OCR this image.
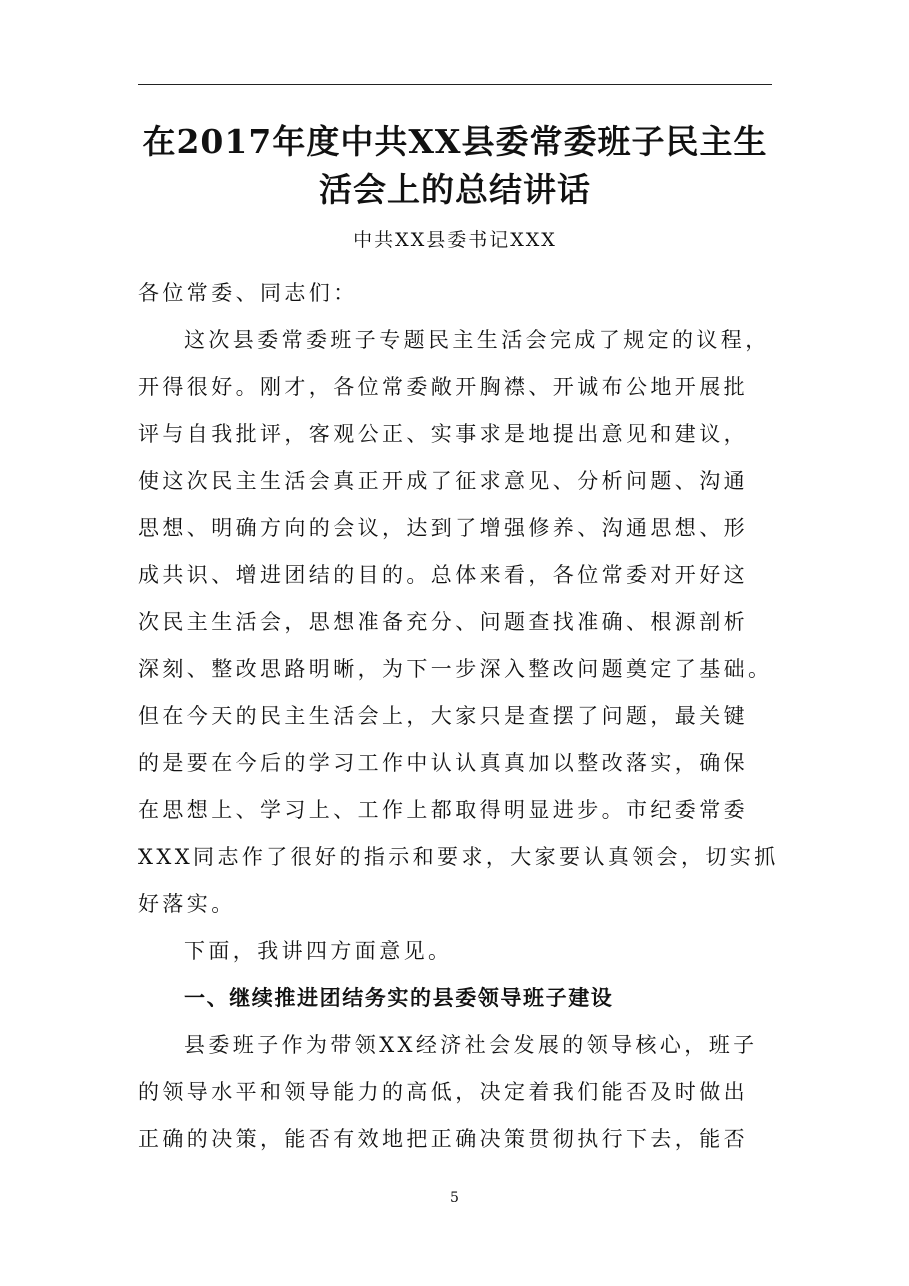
在2017年度中共XX县委常委班子民主生
活会上的总结讲话
中共XX县委书记XXX
各位常委、同志们：
这次县委常委班子专题民主生活会完成了规定的议程，
开得很好。刚才，各位常委敞开胸襟、开诚布公地开展批
评与自我批评，客观公正、实事求是地提出意见和建议，
使这次民主生活会真正开成了征求意见、分析问题、沟通
思想、明确方向的会议，达到了增强修养、沟通思想、形
成共识、增进团结的目的。总体来看，各位常委对开好这
次民主生活会，思想准备充分、问题查找准确、根源剖析
深刻、整改思路明晰，为下一步深入整改问题奠定了基础。
但在今天的民主生活会上，大家只是查摆了问题，最关键
的是要在今后的学习工作中认认真真加以整改落实，确保
在思想上、学习上、工作上都取得明显进步。市纪委常委
XXX同志作了很好的指示和要求，大家要认真领会，切实抓
好落实。
下面，我讲四方面意见。
一、继续推进团结务实的县委领导班子建设
县委班子作为带领XX经济社会发展的领导核心，班子
的领导水平和领导能力的高低，决定着我们能否及时做出
正确的决策，能否有效地把正确决策贯彻执行下去，能否
5
